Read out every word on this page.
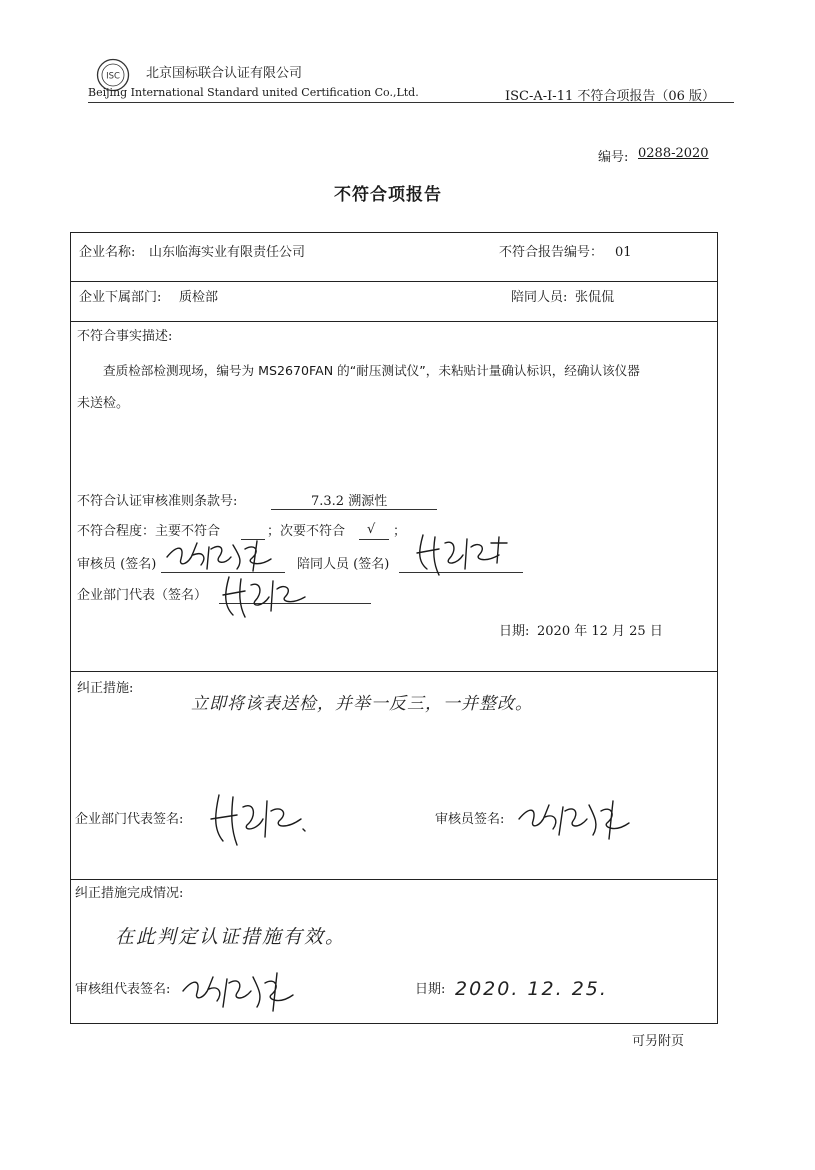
ISC 北京国标联合认证有限公司
Beijing International Standard united Certification Co.,Ltd.	ISC-A-I-11 不符合项报告（06 版）
编号: 0288-2020
不符合项报告
企业名称: 山东临海实业有限责任公司	不符合报告编号： 01
企业下属部门: 质检部	陪同人员: 张侃侃
不符合事实描述:
查质检部检测现场，编号为 MS2670FAN 的“耐压测试仪”，未粘贴计量确认标识，经确认该仪器
未送检。
不符合认证审核准则条款号:	7.3.2 溯源性
不符合程度：主要不符合	；次要不符合 √ ；
审核员 (签名)	陪同人员 (签名)
企业部门代表（签名）
日期: 2020 年 12 月 25 日
纠正措施:
立即将该表送检，并举一反三，一并整改。
企业部门代表签名:	审核员签名:
纠正措施完成情况:
在此判定认证措施有效。
审核组代表签名:	日期: 2020. 12. 25.
可另附页
